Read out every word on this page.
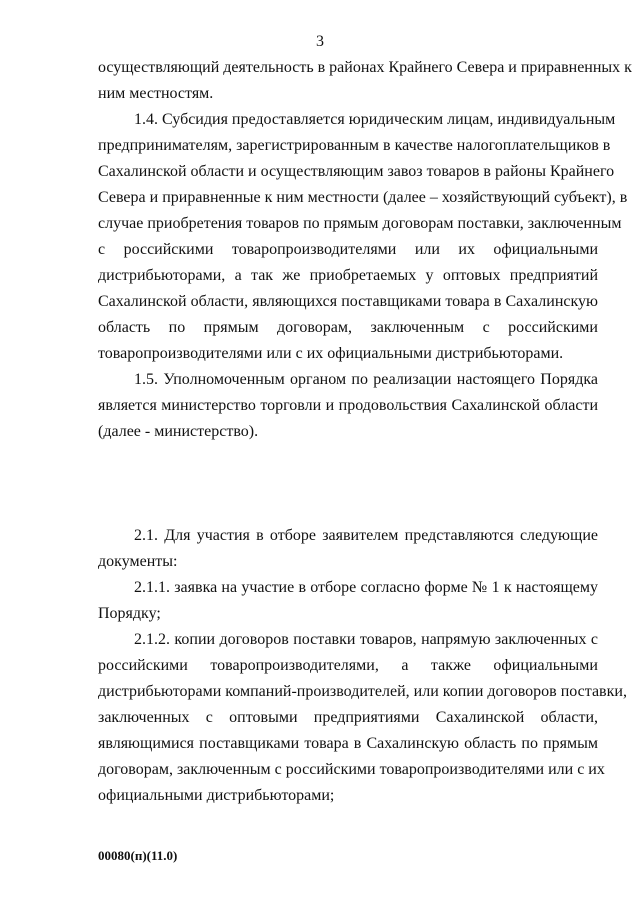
3
осуществляющий деятельность в районах Крайнего Севера и приравненных к
ним местностям.
1.4. Субсидия предоставляется юридическим лицам, индивидуальным
предпринимателям, зарегистрированным в качестве налогоплательщиков в
Сахалинской области и осуществляющим завоз товаров в районы Крайнего
Севера и приравненные к ним местности (далее – хозяйствующий субъект), в
случае приобретения товаров по прямым договорам поставки, заключенным
с российскими товаропроизводителями или их официальными
дистрибьюторами, а так же приобретаемых у оптовых предприятий
Сахалинской области, являющихся поставщиками товара в Сахалинскую
область по прямым договорам, заключенным с российскими
товаропроизводителями или с их официальными дистрибьюторами.
1.5. Уполномоченным органом по реализации настоящего Порядка
является министерство торговли и продовольствия Сахалинской области
(далее - министерство).
2.1. Для участия в отборе заявителем представляются следующие
документы:
2.1.1. заявка на участие в отборе согласно форме № 1 к настоящему
Порядку;
2.1.2. копии договоров поставки товаров, напрямую заключенных с
российскими товаропроизводителями, а также официальными
дистрибьюторами компаний-производителей, или копии договоров поставки,
заключенных с оптовыми предприятиями Сахалинской области,
являющимися поставщиками товара в Сахалинскую область по прямым
договорам, заключенным с российскими товаропроизводителями или с их
официальными дистрибьюторами;
00080(п)(11.0)
